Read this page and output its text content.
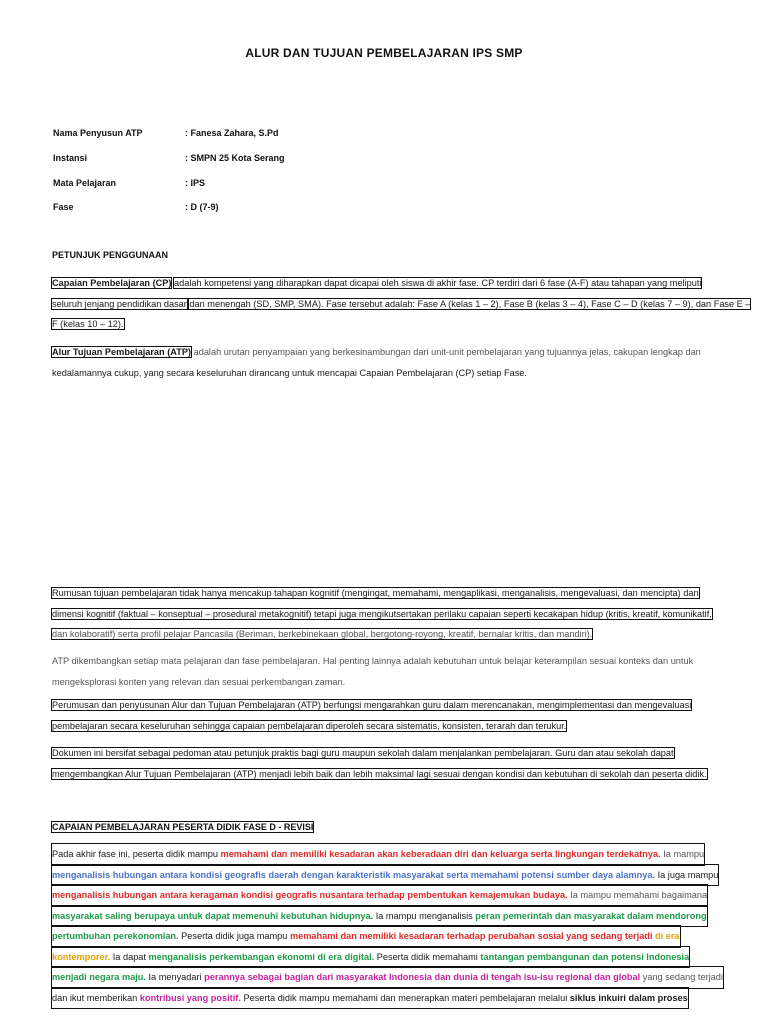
ALUR DAN TUJUAN PEMBELAJARAN IPS SMP
Nama Penyusun ATP	: Fanesa Zahara, S.Pd
Instansi	: SMPN 25 Kota Serang
Mata Pelajaran	: IPS
Fase	: D (7-9)
PETUNJUK PENGGUNAAN
Capaian Pembelajaran (CP) adalah kompetensi yang diharapkan dapat dicapai oleh siswa di akhir fase. CP terdiri dari 6 fase (A-F) atau tahapan yang meliputi
seluruh jenjang pendidikan dasar dan menengah (SD, SMP, SMA). Fase tersebut adalah: Fase A (kelas 1 – 2), Fase B (kelas 3 – 4), Fase C – D (kelas 7 – 9), dan Fase E –
F (kelas 10 – 12).
Alur Tujuan Pembelajaran (ATP) adalah urutan penyampaian yang berkesinambungan dari unit-unit pembelajaran yang tujuannya jelas, cakupan lengkap dan
kedalamannya cukup, yang secara keseluruhan dirancang untuk mencapai Capaian Pembelajaran (CP) setiap Fase.
Rumusan tujuan pembelajaran tidak hanya mencakup tahapan kognitif (mengingat, memahami, mengaplikasi, menganalisis, mengevaluasi, dan mencipta) dan
dimensi kognitif (faktual – konseptual – prosedural metakognitif) tetapi juga mengikutsertakan perilaku capaian seperti kecakapan hidup (kritis, kreatif, komunikatif,
dan kolaboratif) serta profil pelajar Pancasila (Beriman, berkebinekaan global, bergotong-royong, kreatif, bernalar kritis, dan mandiri).
ATP dikembangkan setiap mata pelajaran dan fase pembelajaran. Hal penting lainnya adalah kebutuhan untuk belajar keterampilan sesuai konteks dan untuk
mengeksplorasi konten yang relevan dan sesuai perkembangan zaman.
Perumusan dan penyusunan Alur dan Tujuan Pembelajaran (ATP) berfungsi mengarahkan guru dalam merencanakan, mengimplementasi dan mengevaluasi
pembelajaran secara keseluruhan sehingga capaian pembelajaran diperoleh secara sistematis, konsisten, terarah dan terukur.
Dokumen ini bersifat sebagai pedoman atau petunjuk praktis bagi guru maupun sekolah dalam menjalankan pembelajaran. Guru dan atau sekolah dapat
mengembangkan Alur Tujuan Pembelajaran (ATP) menjadi lebih baik dan lebih maksimal lagi sesuai dengan kondisi dan kebutuhan di sekolah dan peserta didik.
CAPAIAN PEMBELAJARAN PESERTA DIDIK FASE D - REVISI
Pada akhir fase ini, peserta didik mampu memahami dan memiliki kesadaran akan keberadaan diri dan keluarga serta lingkungan terdekatnya. Ia mampu
menganalisis hubungan antara kondisi geografis daerah dengan karakteristik masyarakat serta memahami potensi sumber daya alamnya. Ia juga mampu
menganalisis hubungan antara keragaman kondisi geografis nusantara terhadap pembentukan kemajemukan budaya. Ia mampu memahami bagaimana
masyarakat saling berupaya untuk dapat memenuhi kebutuhan hidupnya. Ia mampu menganalisis peran pemerintah dan masyarakat dalam mendorong
pertumbuhan perekonomian. Peserta didik juga mampu memahami dan memiliki kesadaran terhadap perubahan sosial yang sedang terjadi di era
kontemporer. Ia dapat menganalisis perkembangan ekonomi di era digital. Peserta didik memahami tantangan pembangunan dan potensi Indonesia
menjadi negara maju. Ia menyadari perannya sebagai bagian dari masyarakat Indonesia dan dunia di tengah isu-isu regional dan global yang sedang terjadi
dan ikut memberikan kontribusi yang positif. Peserta didik mampu memahami dan menerapkan materi pembelajaran melalui siklus inkuiri dalam proses
